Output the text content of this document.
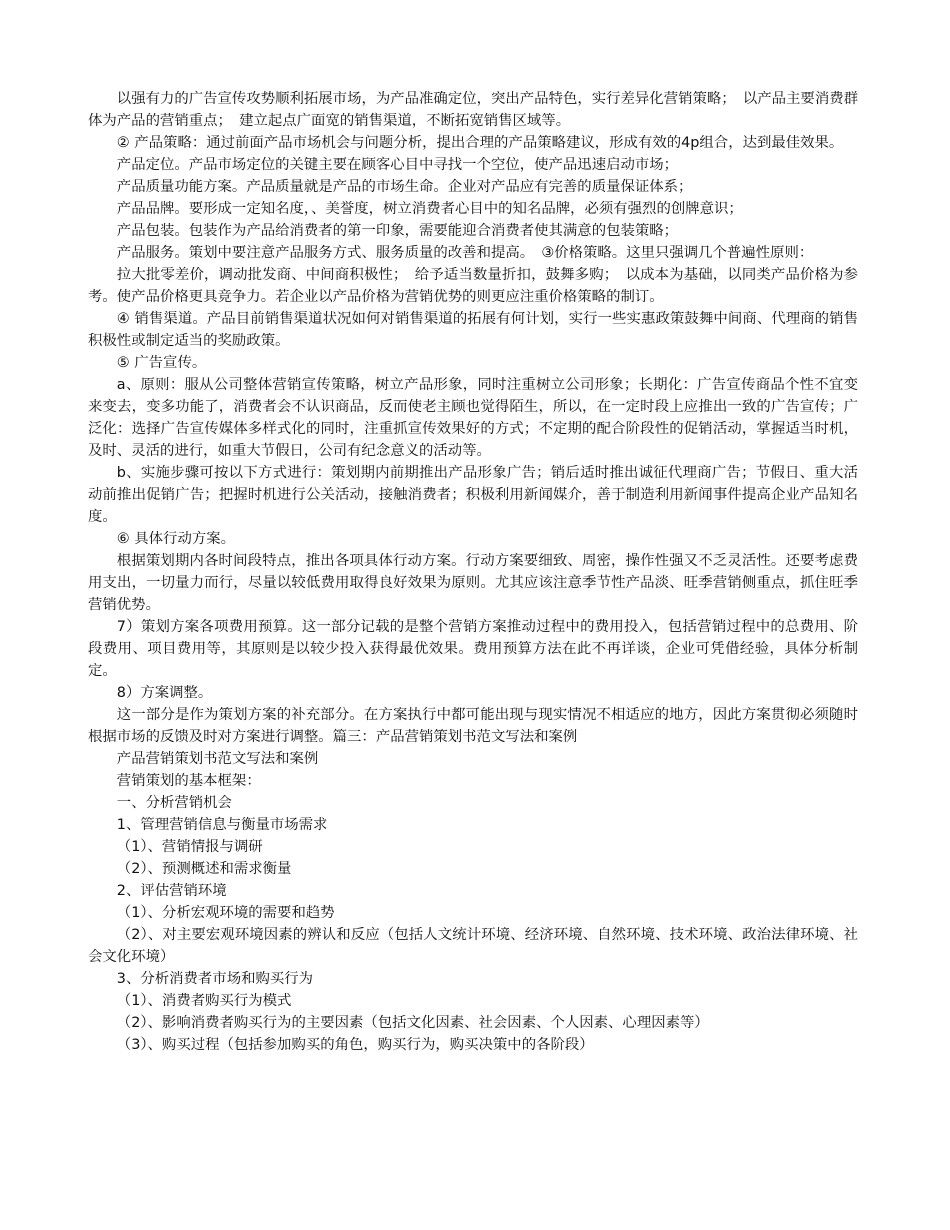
以强有力的广告宣传攻势顺利拓展市场，为产品准确定位，突出产品特色，实行差异化营销策略；　以产品主要消费群体为产品的营销重点；　建立起点广面宽的销售渠道，不断拓宽销售区域等。

② 产品策略：通过前面产品市场机会与问题分析，提出合理的产品策略建议，形成有效的4p组合，达到最佳效果。

产品定位。产品市场定位的关键主要在顾客心目中寻找一个空位，使产品迅速启动市场；

产品质量功能方案。产品质量就是产品的市场生命。企业对产品应有完善的质量保证体系；

产品品牌。要形成一定知名度，、美誉度，树立消费者心目中的知名品牌，必须有强烈的创牌意识；

产品包装。包装作为产品给消费者的第一印象，需要能迎合消费者使其满意的包装策略；

产品服务。策划中要注意产品服务方式、服务质量的改善和提高。　③价格策略。这里只强调几个普遍性原则：

拉大批零差价，调动批发商、中间商积极性；　给予适当数量折扣，鼓舞多购；　以成本为基础，以同类产品价格为参考。使产品价格更具竞争力。若企业以产品价格为营销优势的则更应注重价格策略的制订。

④ 销售渠道。产品目前销售渠道状况如何对销售渠道的拓展有何计划，实行一些实惠政策鼓舞中间商、代理商的销售积极性或制定适当的奖励政策。

⑤ 广告宣传。

a、原则：服从公司整体营销宣传策略，树立产品形象，同时注重树立公司形象；长期化：广告宣传商品个性不宜变来变去，变多功能了，消费者会不认识商品，反而使老主顾也觉得陌生，所以，在一定时段上应推出一致的广告宣传；广泛化：选择广告宣传媒体多样式化的同时，注重抓宣传效果好的方式；不定期的配合阶段性的促销活动，掌握适当时机，及时、灵活的进行，如重大节假日，公司有纪念意义的活动等。

b、实施步骤可按以下方式进行：策划期内前期推出产品形象广告；销后适时推出诚征代理商广告；节假日、重大活动前推出促销广告；把握时机进行公关活动，接触消费者；积极利用新闻媒介，善于制造利用新闻事件提高企业产品知名度。

⑥ 具体行动方案。

根据策划期内各时间段特点，推出各项具体行动方案。行动方案要细致、周密，操作性强又不乏灵活性。还要考虑费用支出，一切量力而行，尽量以较低费用取得良好效果为原则。尤其应该注意季节性产品淡、旺季营销侧重点，抓住旺季营销优势。

7）策划方案各项费用预算。这一部分记载的是整个营销方案推动过程中的费用投入，包括营销过程中的总费用、阶段费用、项目费用等，其原则是以较少投入获得最优效果。费用预算方法在此不再详谈，企业可凭借经验，具体分析制定。

8）方案调整。

这一部分是作为策划方案的补充部分。在方案执行中都可能出现与现实情况不相适应的地方，因此方案贯彻必须随时根据市场的反馈及时对方案进行调整。篇三：产品营销策划书范文写法和案例

产品营销策划书范文写法和案例

营销策划的基本框架：

一、分析营销机会

1、管理营销信息与衡量市场需求

（1）、营销情报与调研

（2）、预测概述和需求衡量

2、评估营销环境

（1）、分析宏观环境的需要和趋势

（2）、对主要宏观环境因素的辨认和反应（包括人文统计环境、经济环境、自然环境、技术环境、政治法律环境、社会文化环境）

3、分析消费者市场和购买行为

（1）、消费者购买行为模式

（2）、影响消费者购买行为的主要因素（包括文化因素、社会因素、个人因素、心理因素等）

（3）、购买过程（包括参加购买的角色，购买行为，购买决策中的各阶段）
